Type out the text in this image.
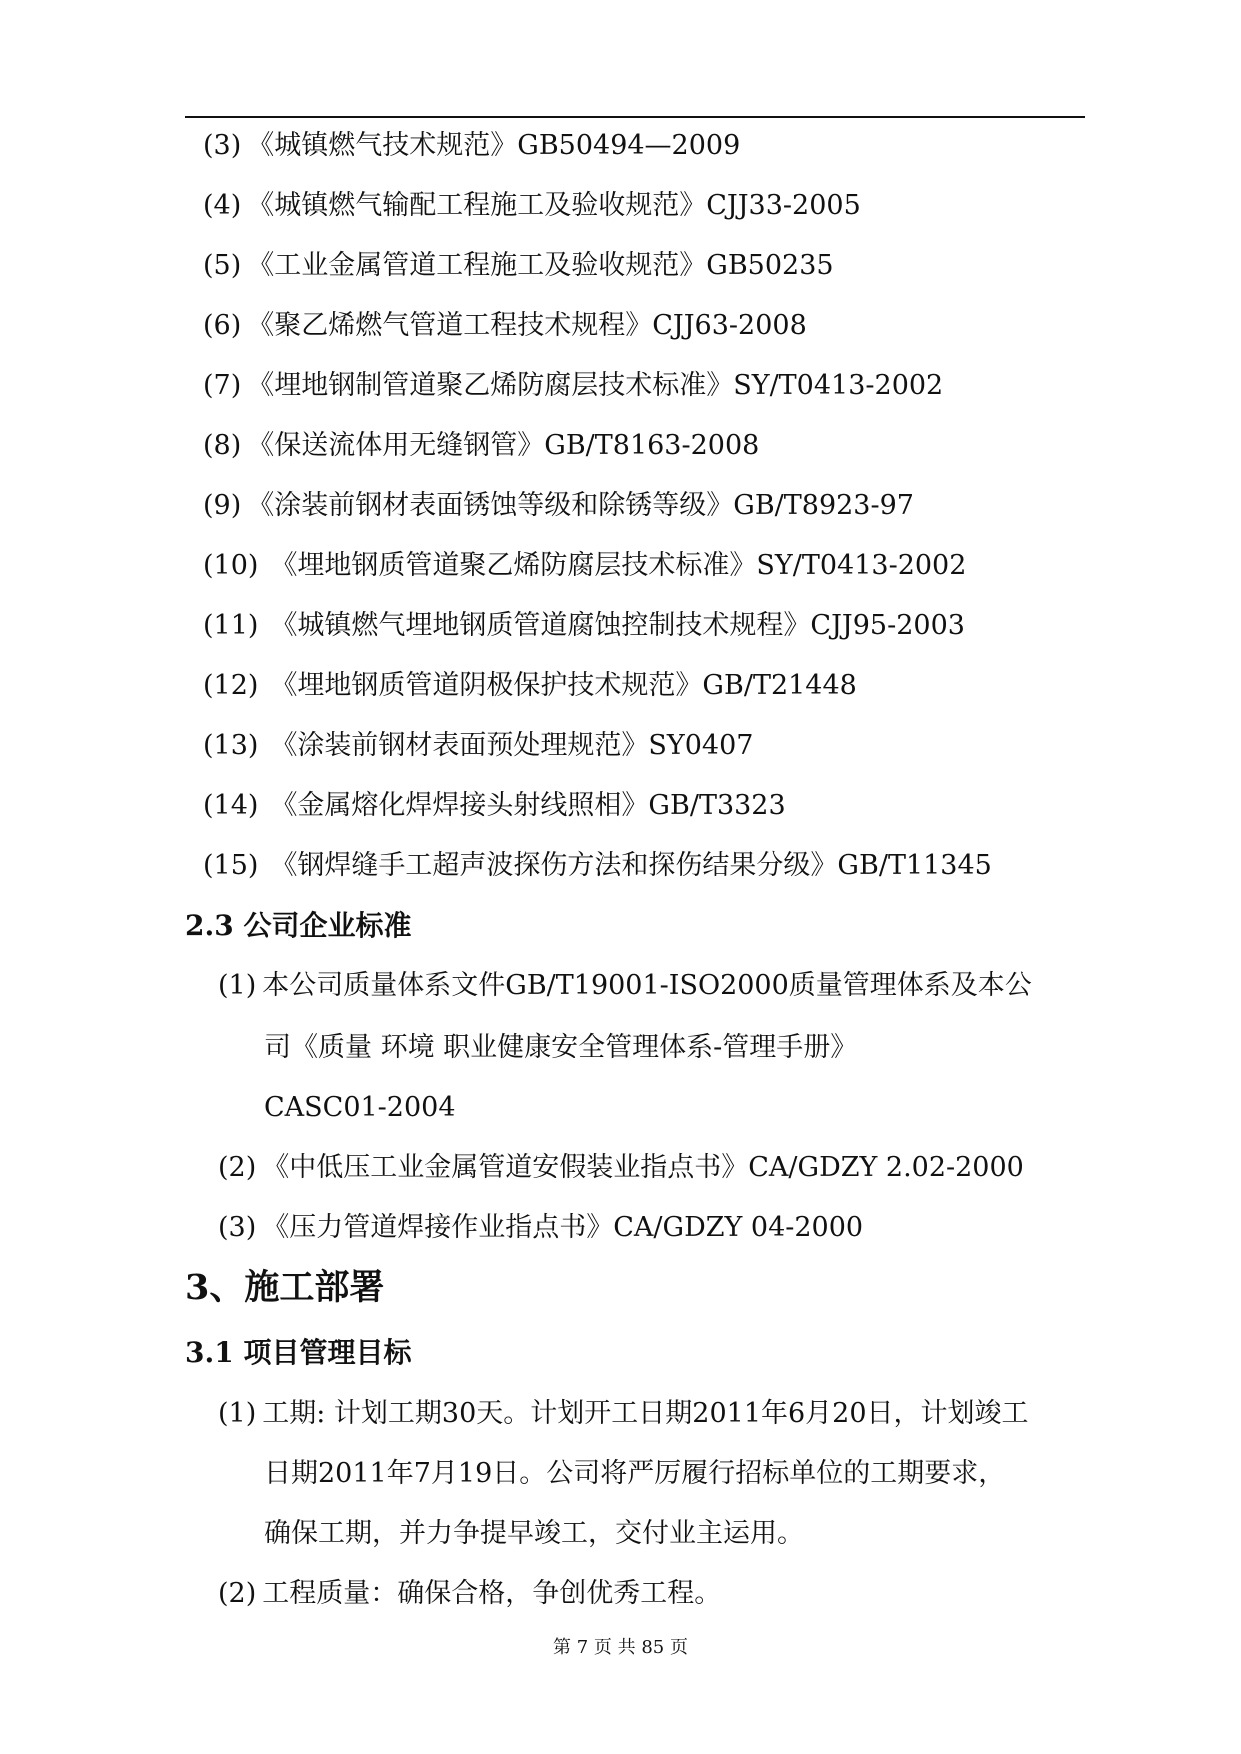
(3) 《城镇燃气技术规范》GB50494—2009
(4) 《城镇燃气输配工程施工及验收规范》CJJ33-2005
(5) 《工业金属管道工程施工及验收规范》GB50235
(6) 《聚乙烯燃气管道工程技术规程》CJJ63-2008
(7) 《埋地钢制管道聚乙烯防腐层技术标准》SY/T0413-2002
(8) 《保送流体用无缝钢管》GB/T8163-2008
(9) 《涂装前钢材表面锈蚀等级和除锈等级》GB/T8923-97
(10) 《埋地钢质管道聚乙烯防腐层技术标准》SY/T0413-2002
(11) 《城镇燃气埋地钢质管道腐蚀控制技术规程》CJJ95-2003
(12) 《埋地钢质管道阴极保护技术规范》GB/T21448
(13) 《涂装前钢材表面预处理规范》SY0407
(14) 《金属熔化焊焊接头射线照相》GB/T3323
(15) 《钢焊缝手工超声波探伤方法和探伤结果分级》GB/T11345
2.3 公司企业标准
(1) 本公司质量体系文件GB/T19001-ISO2000质量管理体系及本公
司《质量 环境 职业健康安全管理体系-管理手册》
CASC01-2004
(2) 《中低压工业金属管道安假装业指点书》CA/GDZY 2.02-2000
(3) 《压力管道焊接作业指点书》CA/GDZY 04-2000
3、施工部署
3.1 项目管理目标
(1) 工期: 计划工期30天。计划开工日期2011年6月20日，计划竣工
日期2011年7月19日。公司将严厉履行招标单位的工期要求，
确保工期，并力争提早竣工，交付业主运用。
(2) 工程质量：确保合格，争创优秀工程。
第 7 页 共 85 页
